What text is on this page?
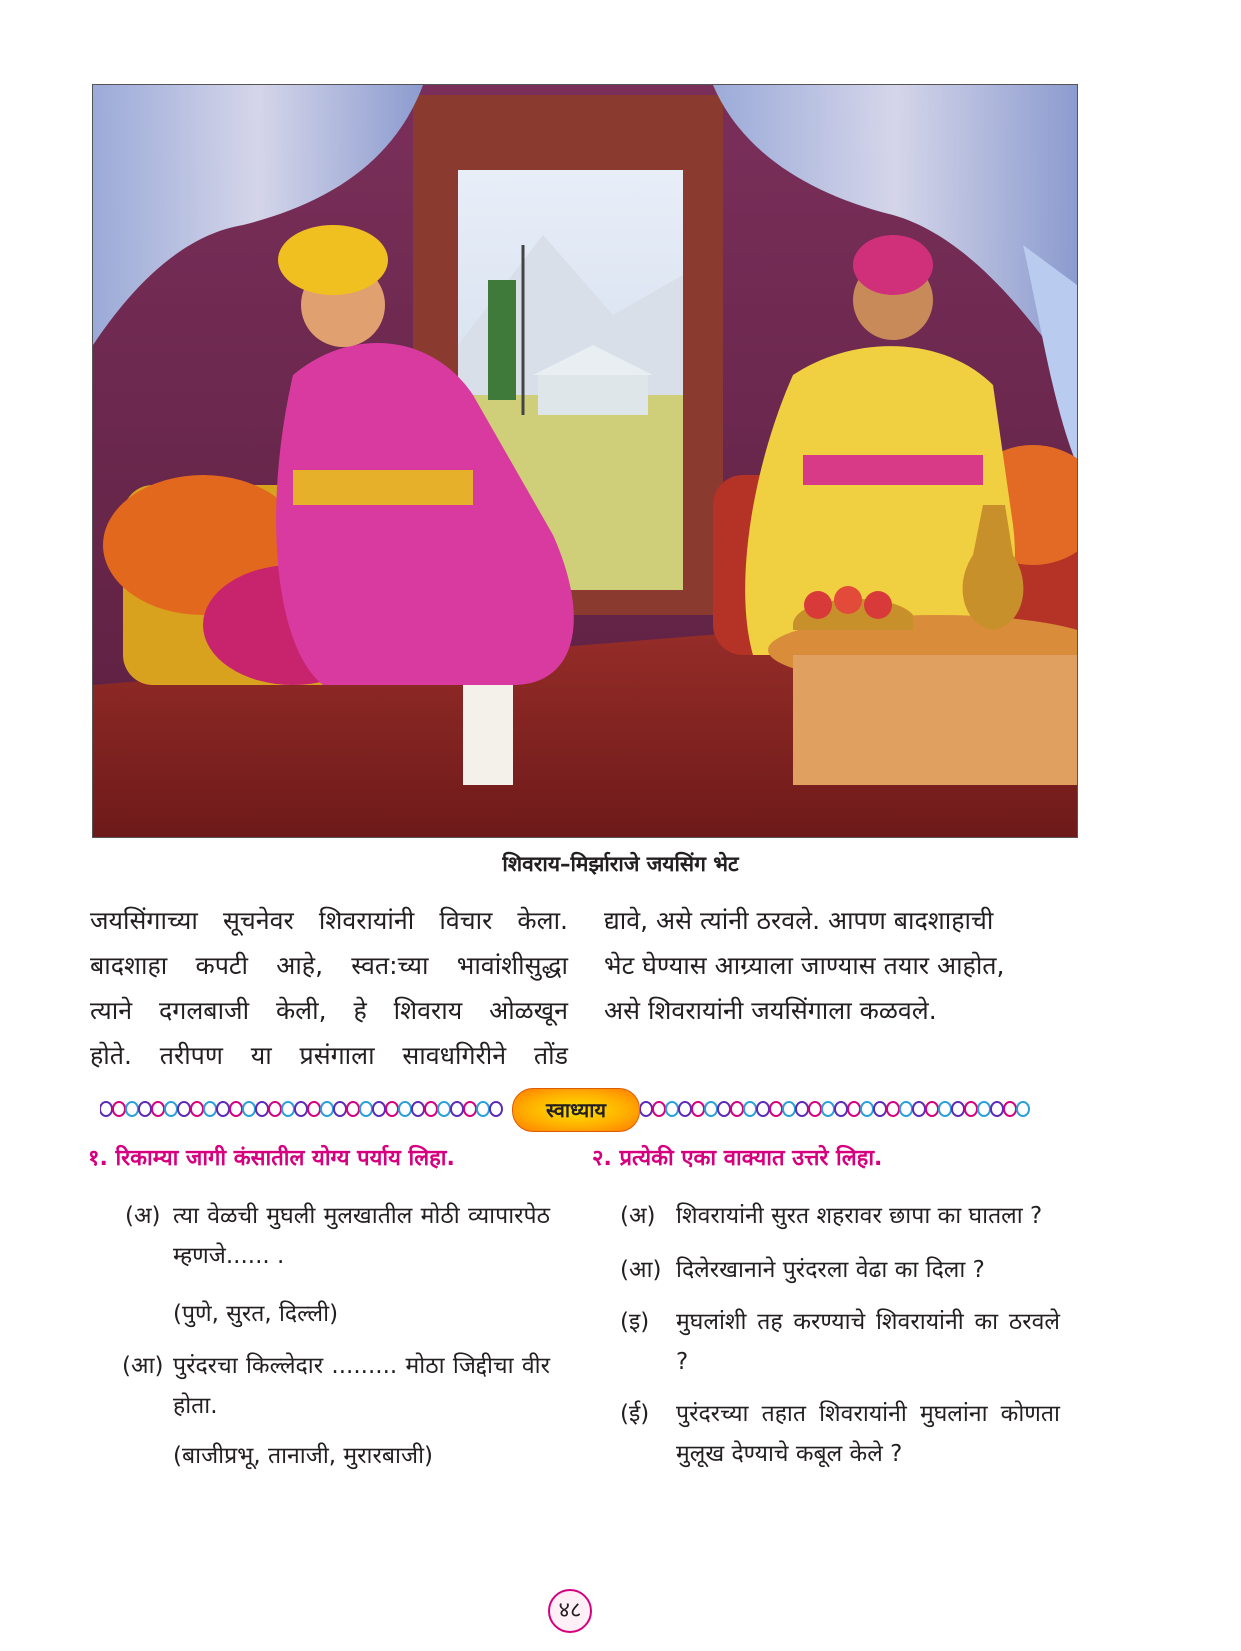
शिवराय–मिर्झाराजे जयसिंग भेट
जयसिंगाच्या सूचनेवर शिवरायांनी विचार केला.
बादशाहा कपटी आहे, स्वत:च्या भावांशीसुद्धा
त्याने दगलबाजी केली, हे शिवराय ओळखून
होते. तरीपण या प्रसंगाला सावधगिरीने तोंड
द्यावे, असे त्यांनी ठरवले. आपण बादशाहाची
भेट घेण्यास आग्र्याला जाण्यास तयार आहोत,
असे शिवरायांनी जयसिंगाला कळवले.
स्वाध्याय
१. रिकाम्या जागी कंसातील योग्य पर्याय लिहा.	२. प्रत्येकी एका वाक्यात उत्तरे लिहा.
(अ) त्या वेळची मुघली मुलखातील मोठी व्यापारपेठ म्हणजे...... .
(पुणे, सुरत, दिल्ली)
(आ) पुरंदरचा किल्लेदार ......... मोठा जिद्दीचा वीर होता.
(बाजीप्रभू, तानाजी, मुरारबाजी)
(अ) शिवरायांनी सुरत शहरावर छापा का घातला ?
(आ) दिलेरखानाने पुरंदरला वेढा का दिला ?
(इ) मुघलांशी तह करण्याचे शिवरायांनी का ठरवले ?
(ई) पुरंदरच्या तहात शिवरायांनी मुघलांना कोणता मुलूख देण्याचे कबूल केले ?
४८
